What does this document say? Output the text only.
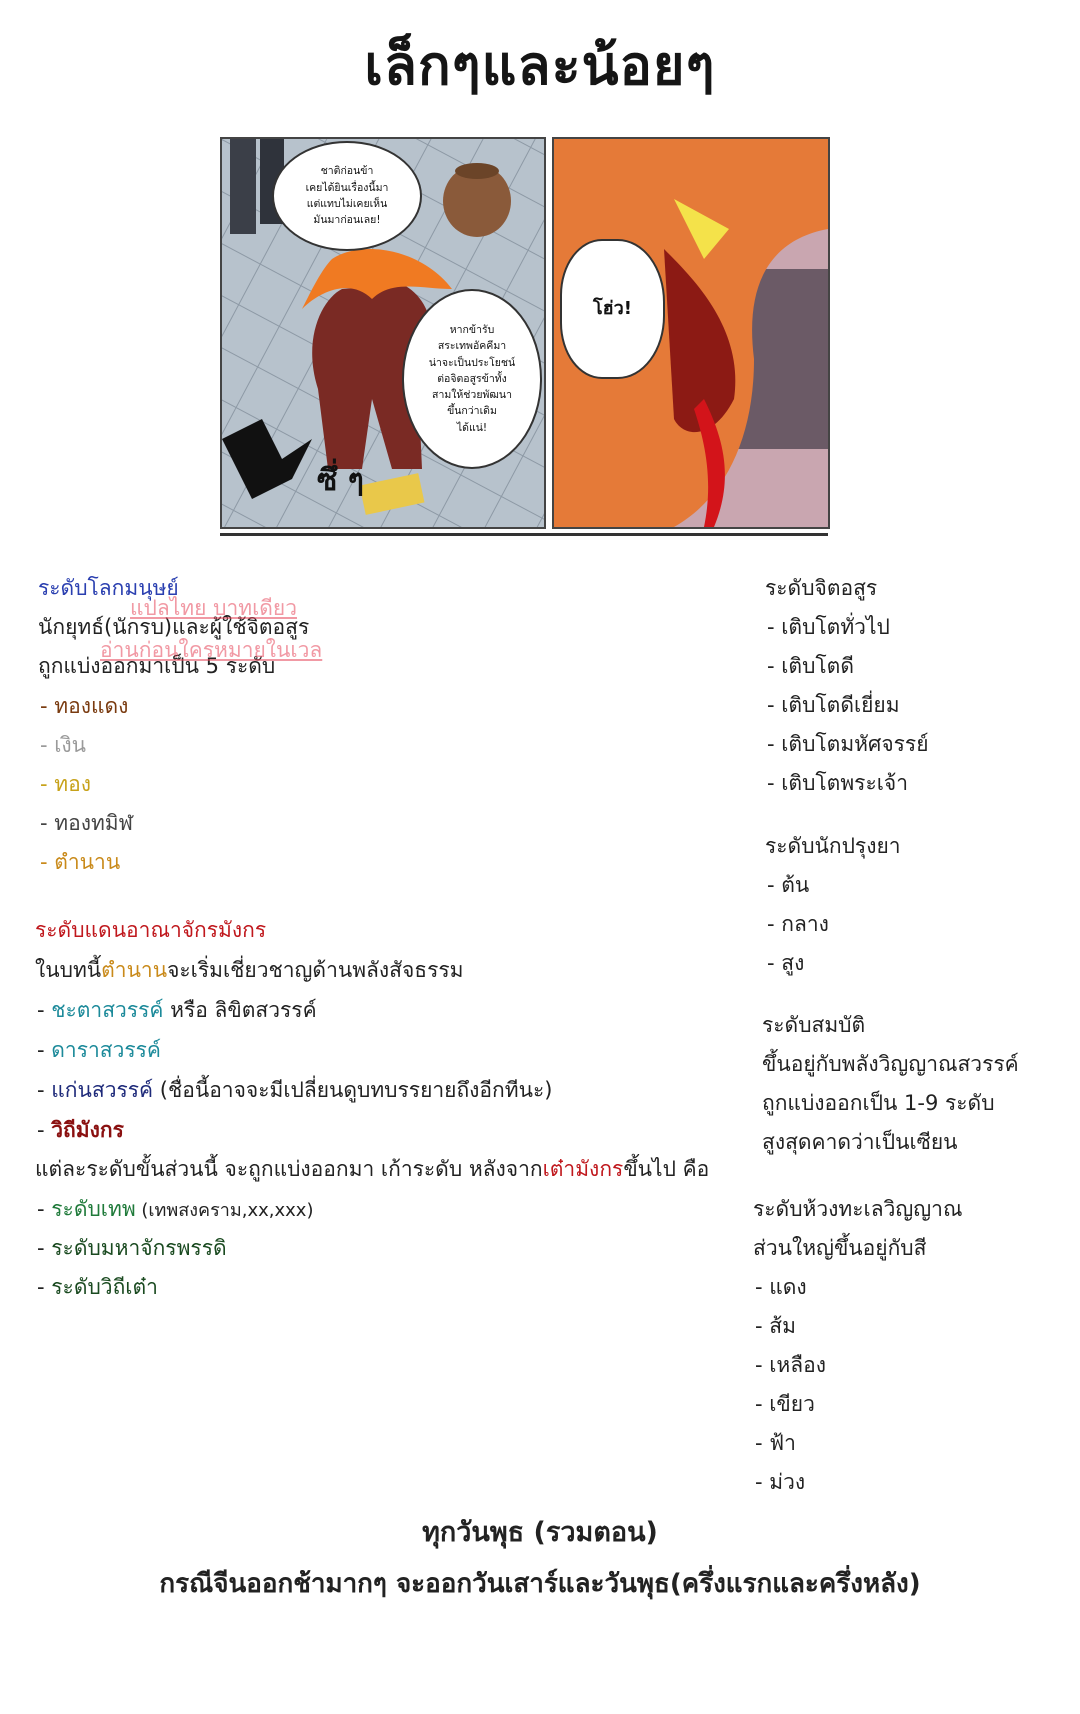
เล็กๆและน้อยๆ
ชาติก่อนข้า
เคยได้ยินเรื่องนี้มา
แต่แทบไม่เคยเห็น
มันมาก่อนเลย!
หากข้ารับ
สระเทพอัคคีมา
น่าจะเป็นประโยชน์
ต่อจิตอสูรข้าทั้ง
สามให้ช่วยพัฒนา
ขึ้นกว่าเดิม
ได้แน่!
ซึ่ ๆ
โฮ่ว!
ระดับโลกมนุษย์
นักยุทธ์(นักรบ)และผู้ใช้จิตอสูร
ถูกแบ่งออกมาเป็น 5 ระดับ
- ทองแดง
- เงิน
- ทอง
- ทองทมิฬ
- ตำนาน
ระดับแดนอาณาจักรมังกร
ในบทนี้ตำนานจะเริ่มเชี่ยวชาญด้านพลังสัจธรรม
- ชะตาสวรรค์ หรือ ลิขิตสวรรค์
- ดาราสวรรค์
- แก่นสวรรค์ (ชื่อนี้อาจจะมีเปลี่ยนดูบทบรรยายถึงอีกทีนะ)
- วิถีมังกร
แต่ละระดับขั้นส่วนนี้ จะถูกแบ่งออกมา เก้าระดับ หลังจากเต๋ามังกรขึ้นไป คือ
- ระดับเทพ (เทพสงคราม,xx,xxx)
- ระดับมหาจักรพรรดิ
- ระดับวิถีเต๋า
แปลไทย บาทเดียว
อ่านก่อนใครหมายในเวล
ระดับจิตอสูร
- เติบโตทั่วไป
- เติบโตดี
- เติบโตดีเยี่ยม
- เติบโตมหัศจรรย์
- เติบโตพระเจ้า
ระดับนักปรุงยา
- ต้น
- กลาง
- สูง
ระดับสมบัติ
ขึ้นอยู่กับพลังวิญญาณสวรรค์
ถูกแบ่งออกเป็น 1-9 ระดับ
สูงสุดคาดว่าเป็นเซียน
ระดับห้วงทะเลวิญญาณ
ส่วนใหญ่ขึ้นอยู่กับสี
- แดง
- ส้ม
- เหลือง
- เขียว
- ฟ้า
- ม่วง
ทุกวันพุธ (รวมตอน)
กรณีจีนออกช้ามากๆ จะออกวันเสาร์และวันพุธ(ครึ่งแรกและครึ่งหลัง)
